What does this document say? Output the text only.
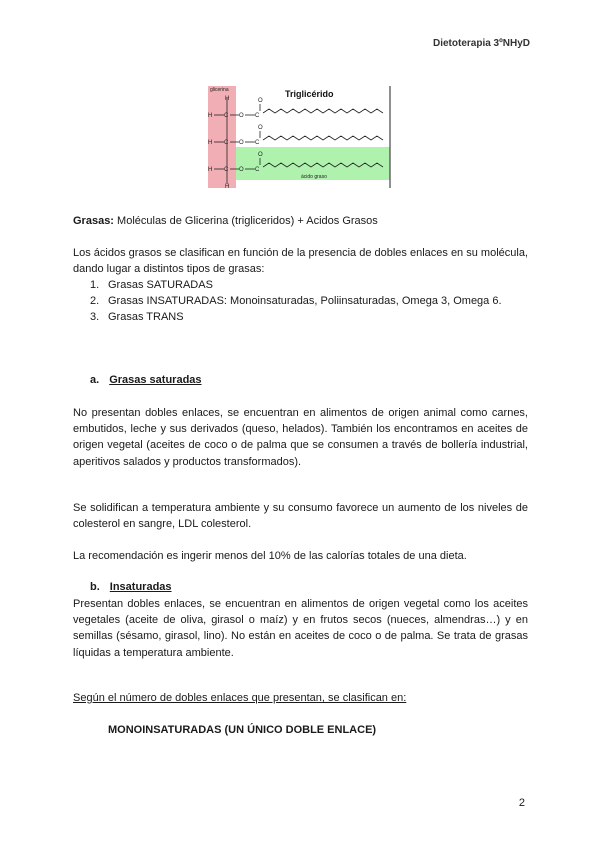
Dietoterapia 3ºNHyD
glicerina	Triglicérido
H
H
H C O C
O
H C O C
O
H C O C
O
ácido graso

Grasas: Moléculas de Glicerina (trigliceridos) + Acidos Grasos

Los ácidos grasos se clasifican en función de la presencia de dobles enlaces en su molécula, dando lugar a distintos tipos de grasas:

1. Grasas SATURADAS
2. Grasas INSATURADAS: Monoinsaturadas, Poliinsaturadas, Omega 3, Omega 6.
3. Grasas TRANS
a. Grasas saturadas

No presentan dobles enlaces, se encuentran en alimentos de origen animal como carnes, embutidos, leche y sus derivados (queso, helados). También los encontramos en aceites de origen vegetal (aceites de coco o de palma que se consumen a través de bollería industrial, aperitivos salados y productos transformados).

Se solidifican a temperatura ambiente y su consumo favorece un aumento de los niveles de colesterol en sangre, LDL colesterol.

La recomendación es ingerir menos del 10% de las calorías totales de una dieta.

b. Insaturadas

Presentan dobles enlaces, se encuentran en alimentos de origen vegetal como los aceites vegetales (aceite de oliva, girasol o maíz) y en frutos secos (nueces, almendras…) y en semillas (sésamo, girasol, lino). No están en aceites de coco o de palma. Se trata de grasas líquidas a temperatura ambiente.

Según el número de dobles enlaces que presentan, se clasifican en:
MONOINSATURADAS (UN ÚNICO DOBLE ENLACE)
2
